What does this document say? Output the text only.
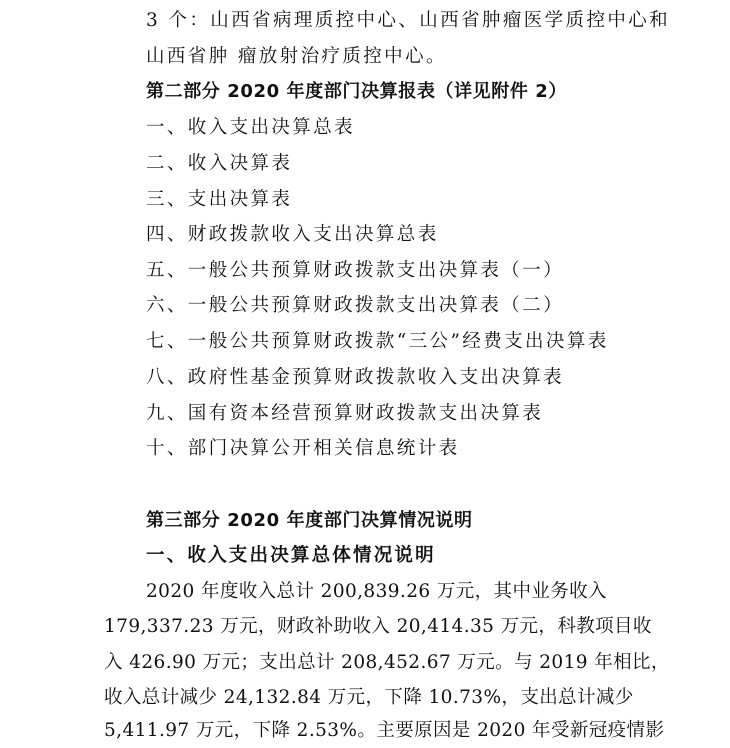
3 个：山西省病理质控中心、山西省肿瘤医学质控中心和
山西省肿 瘤放射治疗质控中心。
第二部分 2020 年度部门决算报表（详见附件 2）
一、收入支出决算总表
二、收入决算表
三、支出决算表
四、财政拨款收入支出决算总表
五、一般公共预算财政拨款支出决算表（一）
六、一般公共预算财政拨款支出决算表（二）
七、一般公共预算财政拨款“三公”经费支出决算表
八、政府性基金预算财政拨款收入支出决算表
九、国有资本经营预算财政拨款支出决算表
十、部门决算公开相关信息统计表
第三部分 2020 年度部门决算情况说明
一、收入支出决算总体情况说明
2020 年度收入总计 200,839.26 万元，其中业务收入
179,337.23 万元，财政补助收入 20,414.35 万元，科教项目收
入 426.90 万元；支出总计 208,452.67 万元。与 2019 年相比，
收入总计减少 24,132.84 万元，下降 10.73%，支出总计减少
5,411.97 万元，下降 2.53%。主要原因是 2020 年受新冠疫情影
